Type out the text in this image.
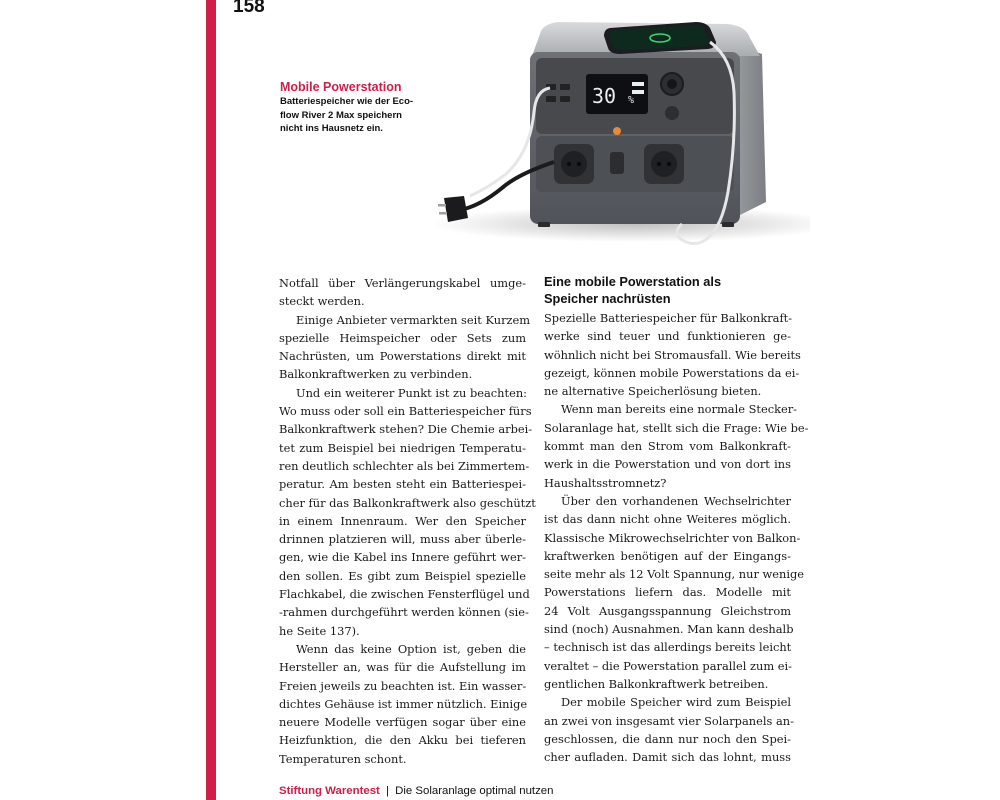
158
Mobile Powerstation
Batteriespeicher wie der Eco-
flow River 2 Max speichern
nicht ins Hausnetz ein.
30 %
Notfall über Verlängerungskabel umge-
steckt werden.
Einige Anbieter vermarkten seit Kurzem
spezielle Heimspeicher oder Sets zum
Nachrüsten, um Powerstations direkt mit
Balkonkraftwerken zu verbinden.
Und ein weiterer Punkt ist zu beachten:
Wo muss oder soll ein Batteriespeicher fürs
Balkonkraftwerk stehen? Die Chemie arbei-
tet zum Beispiel bei niedrigen Temperatu-
ren deutlich schlechter als bei Zimmertem-
peratur. Am besten steht ein Batteriespei-
cher für das Balkonkraftwerk also geschützt
in einem Innenraum. Wer den Speicher
drinnen platzieren will, muss aber überle-
gen, wie die Kabel ins Innere geführt wer-
den sollen. Es gibt zum Beispiel spezielle
Flachkabel, die zwischen Fensterflügel und
-rahmen durchgeführt werden können (sie-
he Seite 137).
Wenn das keine Option ist, geben die
Hersteller an, was für die Aufstellung im
Freien jeweils zu beachten ist. Ein wasser-
dichtes Gehäuse ist immer nützlich. Einige
neuere Modelle verfügen sogar über eine
Heizfunktion, die den Akku bei tieferen
Temperaturen schont.
Eine mobile Powerstation als
Speicher nachrüsten
Spezielle Batteriespeicher für Balkonkraft-
werke sind teuer und funktionieren ge-
wöhnlich nicht bei Stromausfall. Wie bereits
gezeigt, können mobile Powerstations da ei-
ne alternative Speicherlösung bieten.
Wenn man bereits eine normale Stecker-
Solaranlage hat, stellt sich die Frage: Wie be-
kommt man den Strom vom Balkonkraft-
werk in die Powerstation und von dort ins
Haushaltsstromnetz?
Über den vorhandenen Wechselrichter
ist das dann nicht ohne Weiteres möglich.
Klassische Mikrowechselrichter von Balkon-
kraftwerken benötigen auf der Eingangs-
seite mehr als 12 Volt Spannung, nur wenige
Powerstations liefern das. Modelle mit
24 Volt Ausgangsspannung Gleichstrom
sind (noch) Ausnahmen. Man kann deshalb
– technisch ist das allerdings bereits leicht
veraltet – die Powerstation parallel zum ei-
gentlichen Balkonkraftwerk betreiben.
Der mobile Speicher wird zum Beispiel
an zwei von insgesamt vier Solarpanels an-
geschlossen, die dann nur noch den Spei-
cher aufladen. Damit sich das lohnt, muss
Stiftung Warentest | Die Solaranlage optimal nutzen
